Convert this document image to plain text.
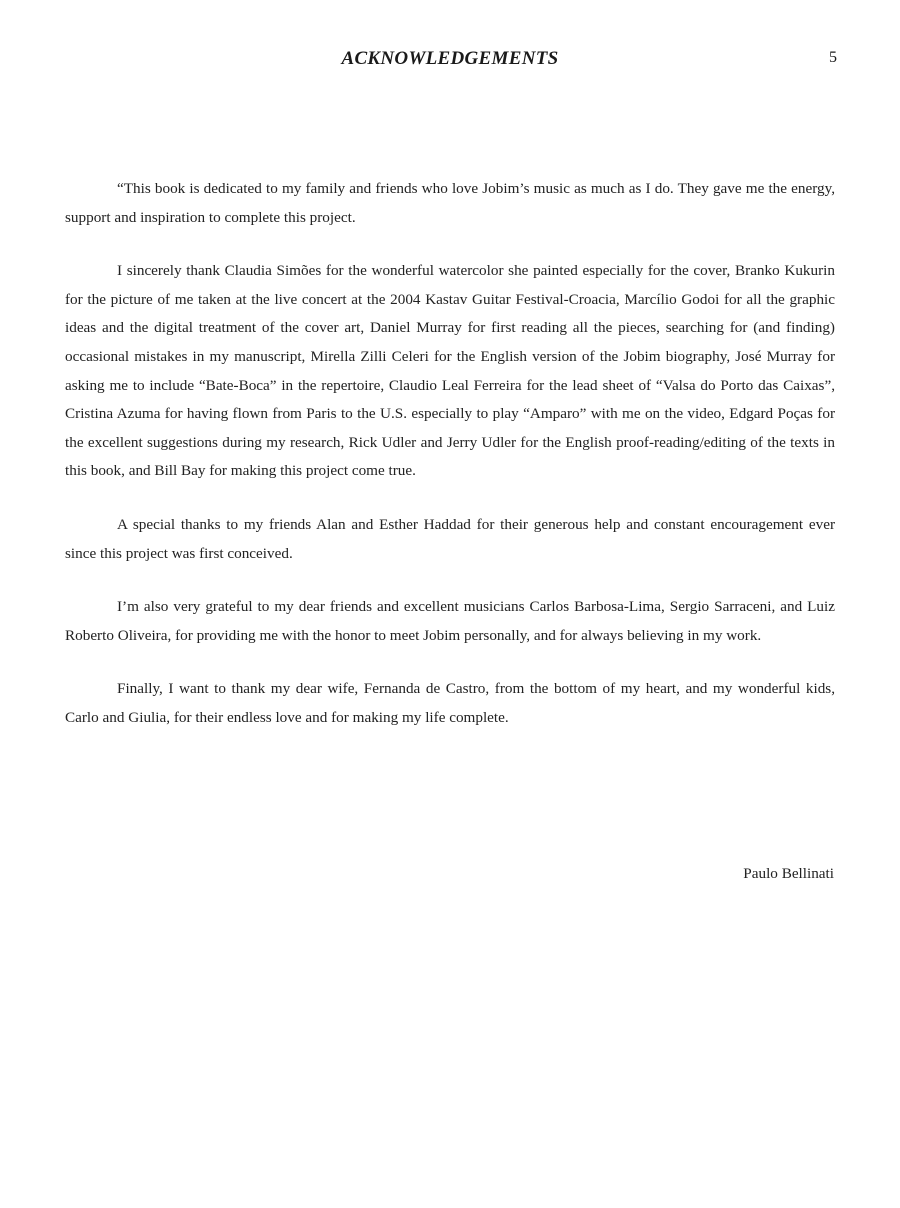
ACKNOWLEDGEMENTS	5

“This book is dedicated to my family and friends who love Jobim’s music as much as I do. They gave me the energy, support and inspiration to complete this project.

I sincerely thank Claudia Simões for the wonderful watercolor she painted especially for the cover, Branko Kukurin for the picture of me taken at the live concert at the 2004 Kastav Guitar Festival-Croacia, Marcílio Godoi for all the graphic ideas and the digital treatment of the cover art, Daniel Murray for first reading all the pieces, searching for (and finding) occasional mistakes in my manuscript, Mirella Zilli Celeri for the English version of the Jobim biography, José Murray for asking me to include “Bate-Boca” in the repertoire, Claudio Leal Ferreira for the lead sheet of “Valsa do Porto das Caixas”, Cristina Azuma for having flown from Paris to the U.S. especially to play “Amparo” with me on the video, Edgard Poças for the excellent suggestions during my research, Rick Udler and Jerry Udler for the English proof-reading/editing of the texts in this book, and Bill Bay for making this project come true.

A special thanks to my friends Alan and Esther Haddad for their generous help and constant encouragement ever since this project was first conceived.

I’m also very grateful to my dear friends and excellent musicians Carlos Barbosa-Lima, Sergio Sarraceni, and Luiz Roberto Oliveira, for providing me with the honor to meet Jobim personally, and for always believing in my work.

Finally, I want to thank my dear wife, Fernanda de Castro, from the bottom of my heart, and my wonderful kids, Carlo and Giulia, for their endless love and for making my life complete.

Paulo Bellinati
